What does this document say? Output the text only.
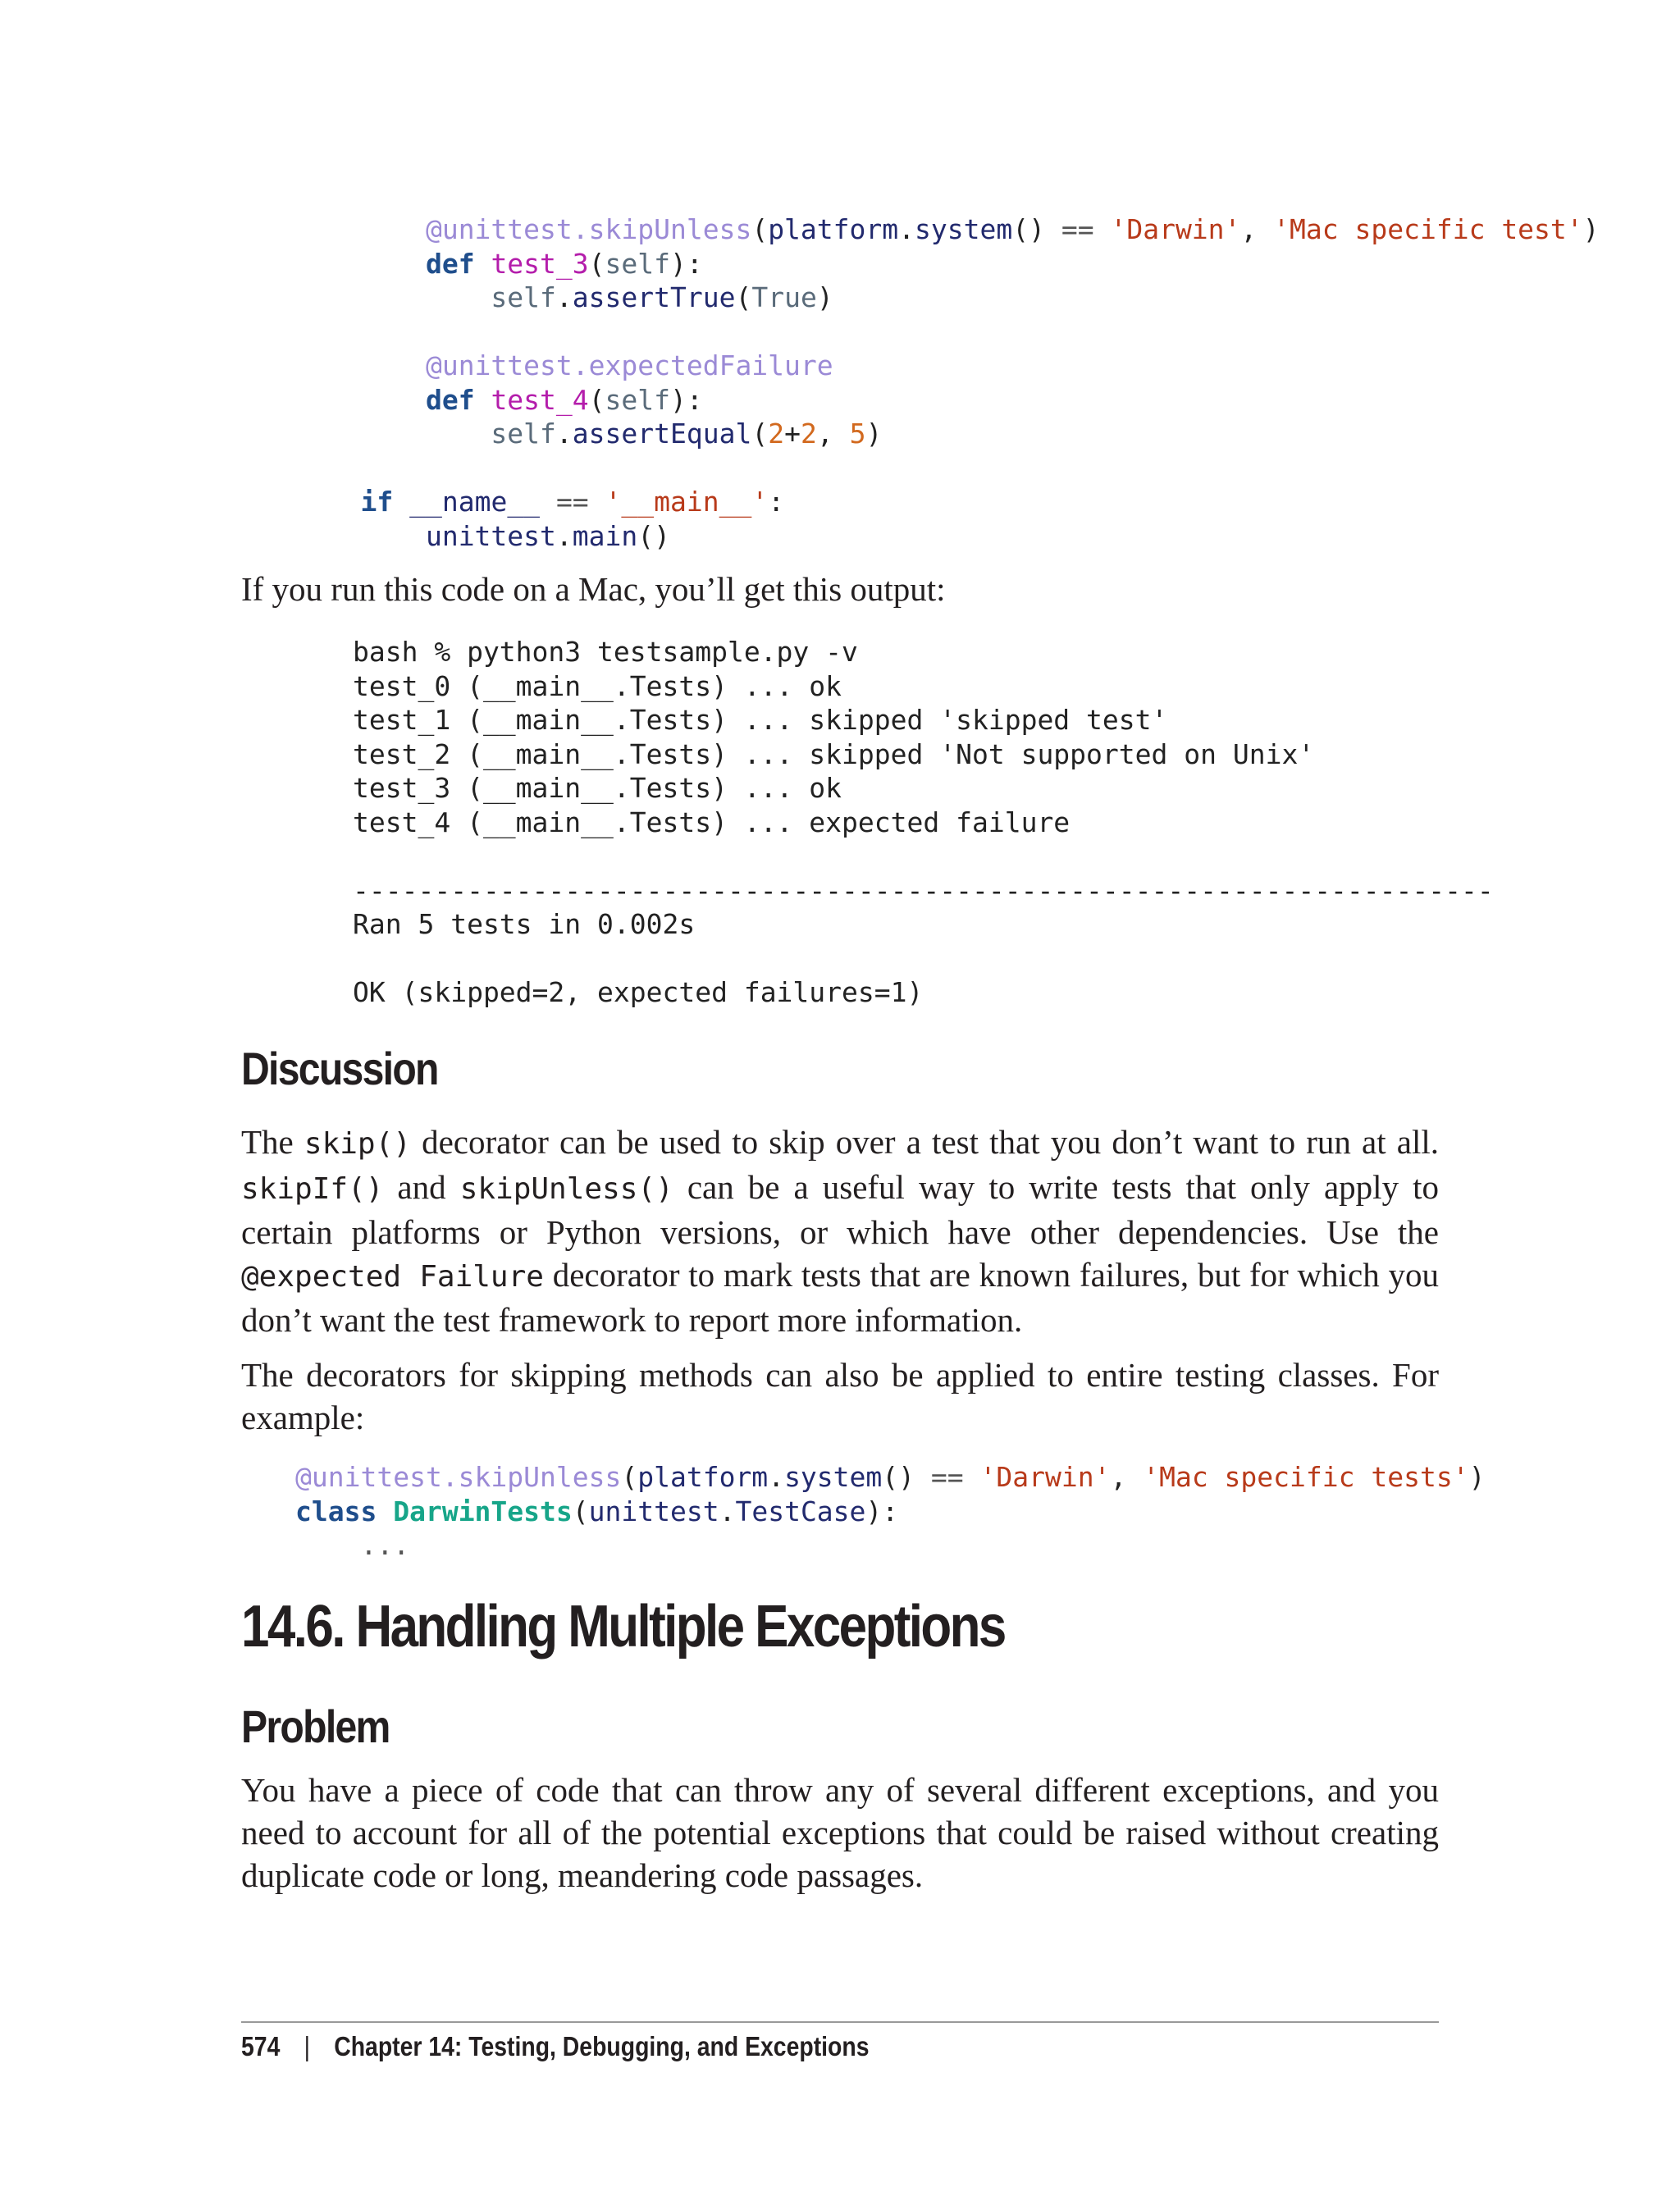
@unittest.skipUnless(platform.system() == 'Darwin', 'Mac specific test')
def test_3(self):
self.assertTrue(True)

@unittest.expectedFailure
def test_4(self):
self.assertEqual(2+2, 5)

if __name__ == '__main__':
unittest.main()

If you run this code on a Mac, you’ll get this output:

bash % python3 testsample.py -v
test_0 (__main__.Tests) ... ok
test_1 (__main__.Tests) ... skipped 'skipped test'
test_2 (__main__.Tests) ... skipped 'Not supported on Unix'
test_3 (__main__.Tests) ... ok
test_4 (__main__.Tests) ... expected failure

----------------------------------------------------------------------
Ran 5 tests in 0.002s

OK (skipped=2, expected failures=1)
Discussion

The skip() decorator can be used to skip over a test that you don’t want to run at all. skipIf() and skipUnless() can be a useful way to write tests that only apply to certain platforms or Python versions, or which have other dependencies. Use the @expected Failure decorator to mark tests that are known failures, but for which you don’t want the test framework to report more information.

The decorators for skipping methods can also be applied to entire testing classes. For example:

@unittest.skipUnless(platform.system() == 'Darwin', 'Mac specific tests')
class DarwinTests(unittest.TestCase):
...
14.6. Handling Multiple Exceptions
Problem

You have a piece of code that can throw any of several different exceptions, and you need to account for all of the potential exceptions that could be raised without creating duplicate code or long, meandering code passages.

574 | Chapter 14: Testing, Debugging, and Exceptions
